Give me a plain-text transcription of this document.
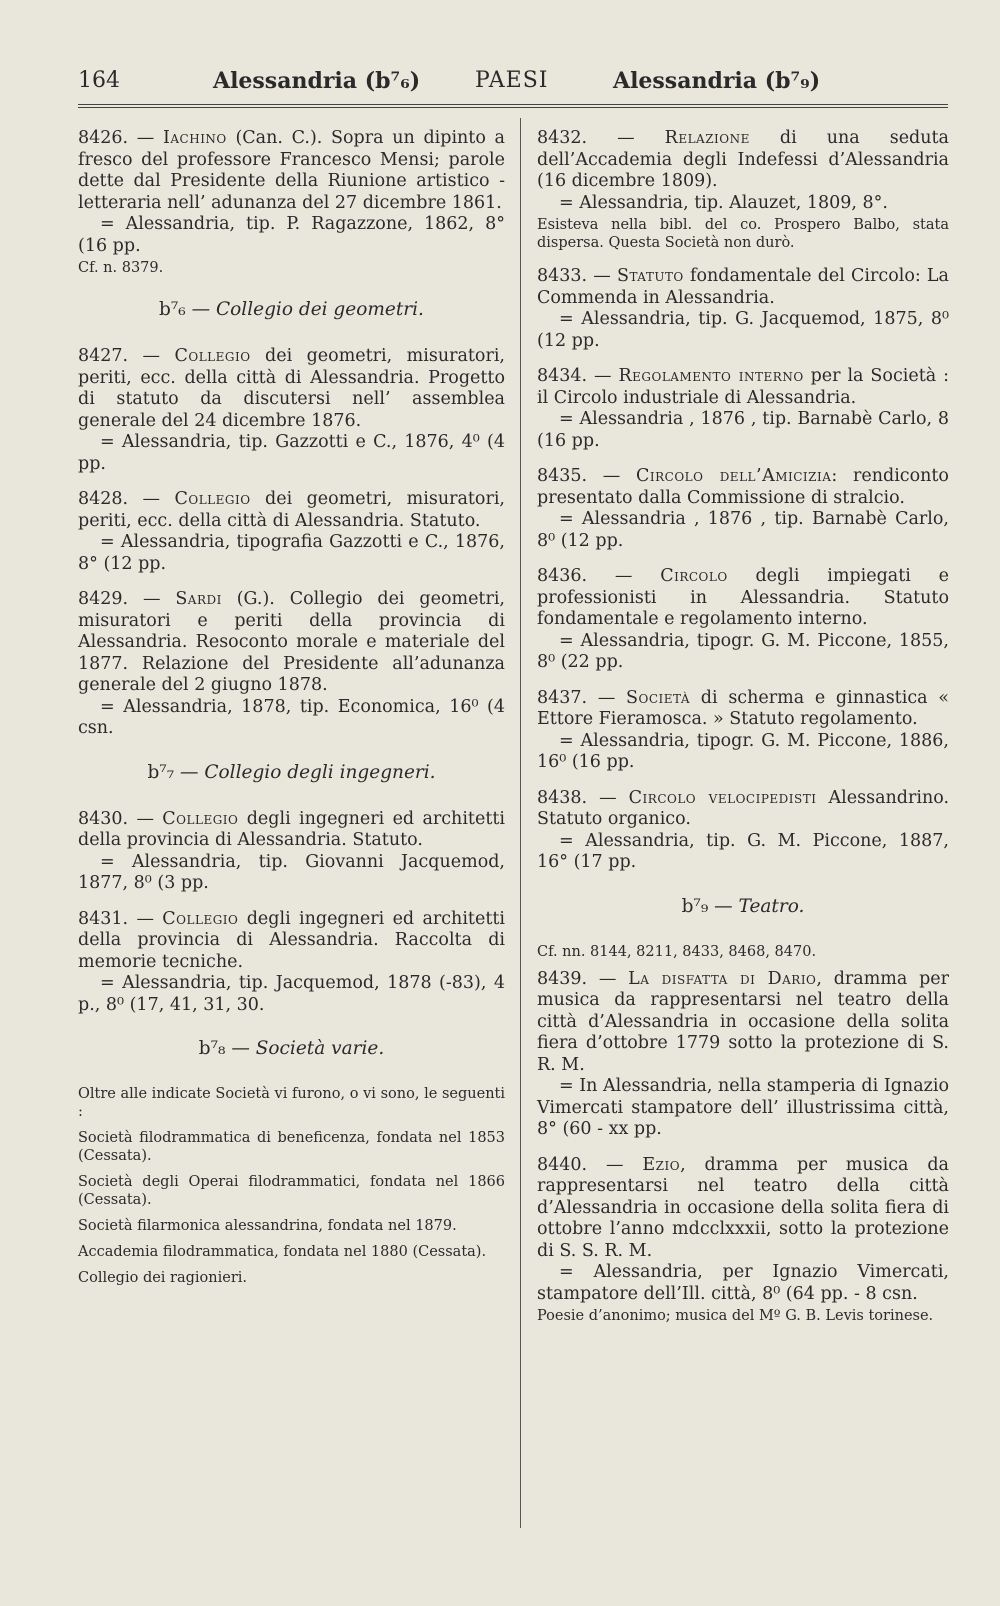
164	Alessandria (b⁷₆) PAESI	Alessandria (b⁷₉)
8426. — Iachino (Can. C.). Sopra un dipinto a fresco del professore Francesco Mensi; parole dette dal Presidente della Riunione artistico - letteraria nell’ adunanza del 27 dicembre 1861.
= Alessandria, tip. P. Ragazzone, 1862, 8° (16 pp.
Cf. n. 8379.
b⁷₆ — Collegio dei geometri.
8427. — Collegio dei geometri, misuratori, periti, ecc. della città di Alessandria. Progetto di statuto da discutersi nell’ assemblea generale del 24 dicembre 1876.
= Alessandria, tip. Gazzotti e C., 1876, 4⁰ (4 pp.
8428. — Collegio dei geometri, misuratori, periti, ecc. della città di Alessandria. Statuto.
= Alessandria, tipografia Gazzotti e C., 1876, 8° (12 pp.
8429. — Sardi (G.). Collegio dei geometri, misuratori e periti della provincia di Alessandria. Resoconto morale e materiale del 1877. Relazione del Presidente all’adunanza generale del 2 giugno 1878.
= Alessandria, 1878, tip. Economica, 16⁰ (4 csn.
b⁷₇ — Collegio degli ingegneri.
8430. — Collegio degli ingegneri ed architetti della provincia di Alessandria. Statuto.
= Alessandria, tip. Giovanni Jacquemod, 1877, 8⁰ (3 pp.
8431. — Collegio degli ingegneri ed architetti della provincia di Alessandria. Raccolta di memorie tecniche.
= Alessandria, tip. Jacquemod, 1878 (-83), 4 p., 8⁰ (17, 41, 31, 30.
b⁷₈ — Società varie.
Oltre alle indicate Società vi furono, o vi sono, le seguenti :
Società filodrammatica di beneficenza, fondata nel 1853 (Cessata).
Società degli Operai filodrammatici, fondata nel 1866 (Cessata).
Società filarmonica alessandrina, fondata nel 1879.
Accademia filodrammatica, fondata nel 1880 (Cessata).
Collegio dei ragionieri.
8432. — Relazione di una seduta dell’Accademia degli Indefessi d’Alessandria (16 dicembre 1809).
= Alessandria, tip. Alauzet, 1809, 8°.
Esisteva nella bibl. del co. Prospero Balbo, stata dispersa. Questa Società non durò.
8433. — Statuto fondamentale del Circolo: La Commenda in Alessandria.
= Alessandria, tip. G. Jacquemod, 1875, 8⁰ (12 pp.
8434. — Regolamento interno per la Società : il Circolo industriale di Alessandria.
= Alessandria , 1876 , tip. Barnabè Carlo, 8 (16 pp.
8435. — Circolo dell’Amicizia: rendiconto presentato dalla Commissione di stralcio.
= Alessandria , 1876 , tip. Barnabè Carlo, 8⁰ (12 pp.
8436. — Circolo degli impiegati e professionisti in Alessandria. Statuto fondamentale e regolamento interno.
= Alessandria, tipogr. G. M. Piccone, 1855, 8⁰ (22 pp.
8437. — Società di scherma e ginnastica « Ettore Fieramosca. » Statuto regolamento.
= Alessandria, tipogr. G. M. Piccone, 1886, 16⁰ (16 pp.
8438. — Circolo velocipedisti Alessandrino. Statuto organico.
= Alessandria, tip. G. M. Piccone, 1887, 16° (17 pp.
b⁷₉ — Teatro.
Cf. nn. 8144, 8211, 8433, 8468, 8470.
8439. — La disfatta di Dario, dramma per musica da rappresentarsi nel teatro della città d’Alessandria in occasione della solita fiera d’ottobre 1779 sotto la protezione di S. R. M.
= In Alessandria, nella stamperia di Ignazio Vimercati stampatore dell’ illustrissima città, 8° (60 - xx pp.
8440. — Ezio, dramma per musica da rappresentarsi nel teatro della città d’Alessandria in occasione della solita fiera di ottobre l’anno mdcclxxxii, sotto la protezione di S. S. R. M.
= Alessandria, per Ignazio Vimercati, stampatore dell’Ill. città, 8⁰ (64 pp. - 8 csn.
Poesie d’anonimo; musica del Mº G. B. Levis torinese.
